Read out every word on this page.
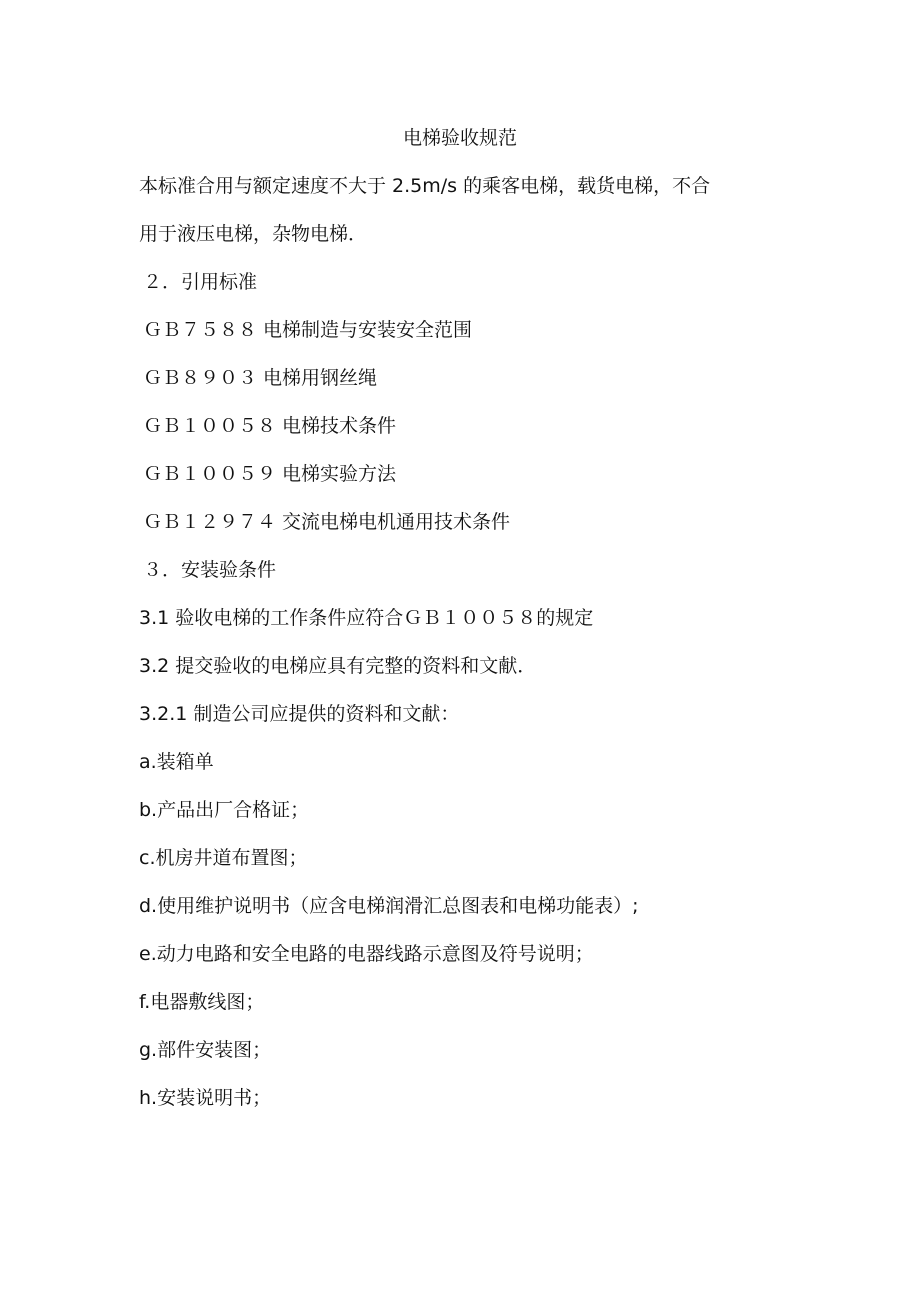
电梯验收规范
本标准合用与额定速度不大于 2.5m/s 的乘客电梯，载货电梯，不合
用于液压电梯，杂物电梯．
２．引用标准
ＧＢ７５８８ 电梯制造与安装安全范围
ＧＢ８９０３ 电梯用钢丝绳
ＧＢ１００５８ 电梯技术条件
ＧＢ１００５９ 电梯实验方法
ＧＢ１２９７４ 交流电梯电机通用技术条件
３．安装验条件
3.1 验收电梯的工作条件应符合ＧＢ１００５８的规定
3.2 提交验收的电梯应具有完整的资料和文献．
3.2.1 制造公司应提供的资料和文献：
a.装箱单
b.产品出厂合格证；
c.机房井道布置图；
d.使用维护说明书（应含电梯润滑汇总图表和电梯功能表）;
e.动力电路和安全电路的电器线路示意图及符号说明；
f.电器敷线图；
g.部件安装图；
h.安装说明书；
